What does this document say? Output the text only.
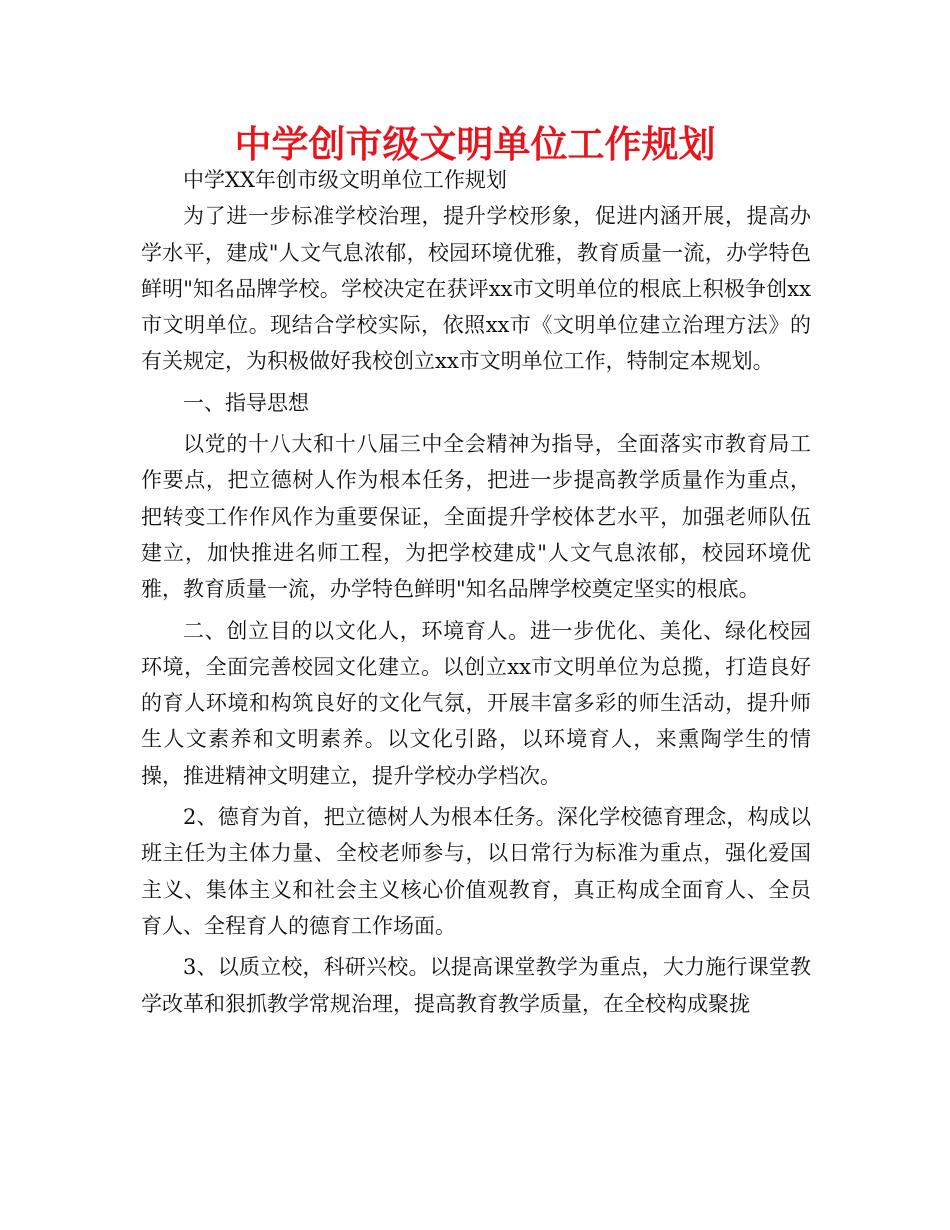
中学创市级文明单位工作规划

中学XX年创市级文明单位工作规划

为了进一步标准学校治理，提升学校形象，促进内涵开展，提高办学水平，建成"人文气息浓郁，校园环境优雅，教育质量一流，办学特色鲜明"知名品牌学校。学校决定在获评xx市文明单位的根底上积极争创xx市文明单位。现结合学校实际，依照xx市《文明单位建立治理方法》的有关规定，为积极做好我校创立xx市文明单位工作，特制定本规划。

一、指导思想

以党的十八大和十八届三中全会精神为指导，全面落实市教育局工作要点，把立德树人作为根本任务，把进一步提高教学质量作为重点，把转变工作作风作为重要保证，全面提升学校体艺水平，加强老师队伍建立，加快推进名师工程，为把学校建成"人文气息浓郁，校园环境优雅，教育质量一流，办学特色鲜明"知名品牌学校奠定坚实的根底。

二、创立目的以文化人，环境育人。进一步优化、美化、绿化校园环境，全面完善校园文化建立。以创立xx市文明单位为总揽，打造良好的育人环境和构筑良好的文化气氛，开展丰富多彩的师生活动，提升师生人文素养和文明素养。以文化引路，以环境育人，来熏陶学生的情操，推进精神文明建立，提升学校办学档次。

2、德育为首，把立德树人为根本任务。深化学校德育理念，构成以班主任为主体力量、全校老师参与，以日常行为标准为重点，强化爱国主义、集体主义和社会主义核心价值观教育，真正构成全面育人、全员育人、全程育人的德育工作场面。

3、以质立校，科研兴校。以提高课堂教学为重点，大力施行课堂教学改革和狠抓教学常规治理，提高教育教学质量，在全校构成聚拢
